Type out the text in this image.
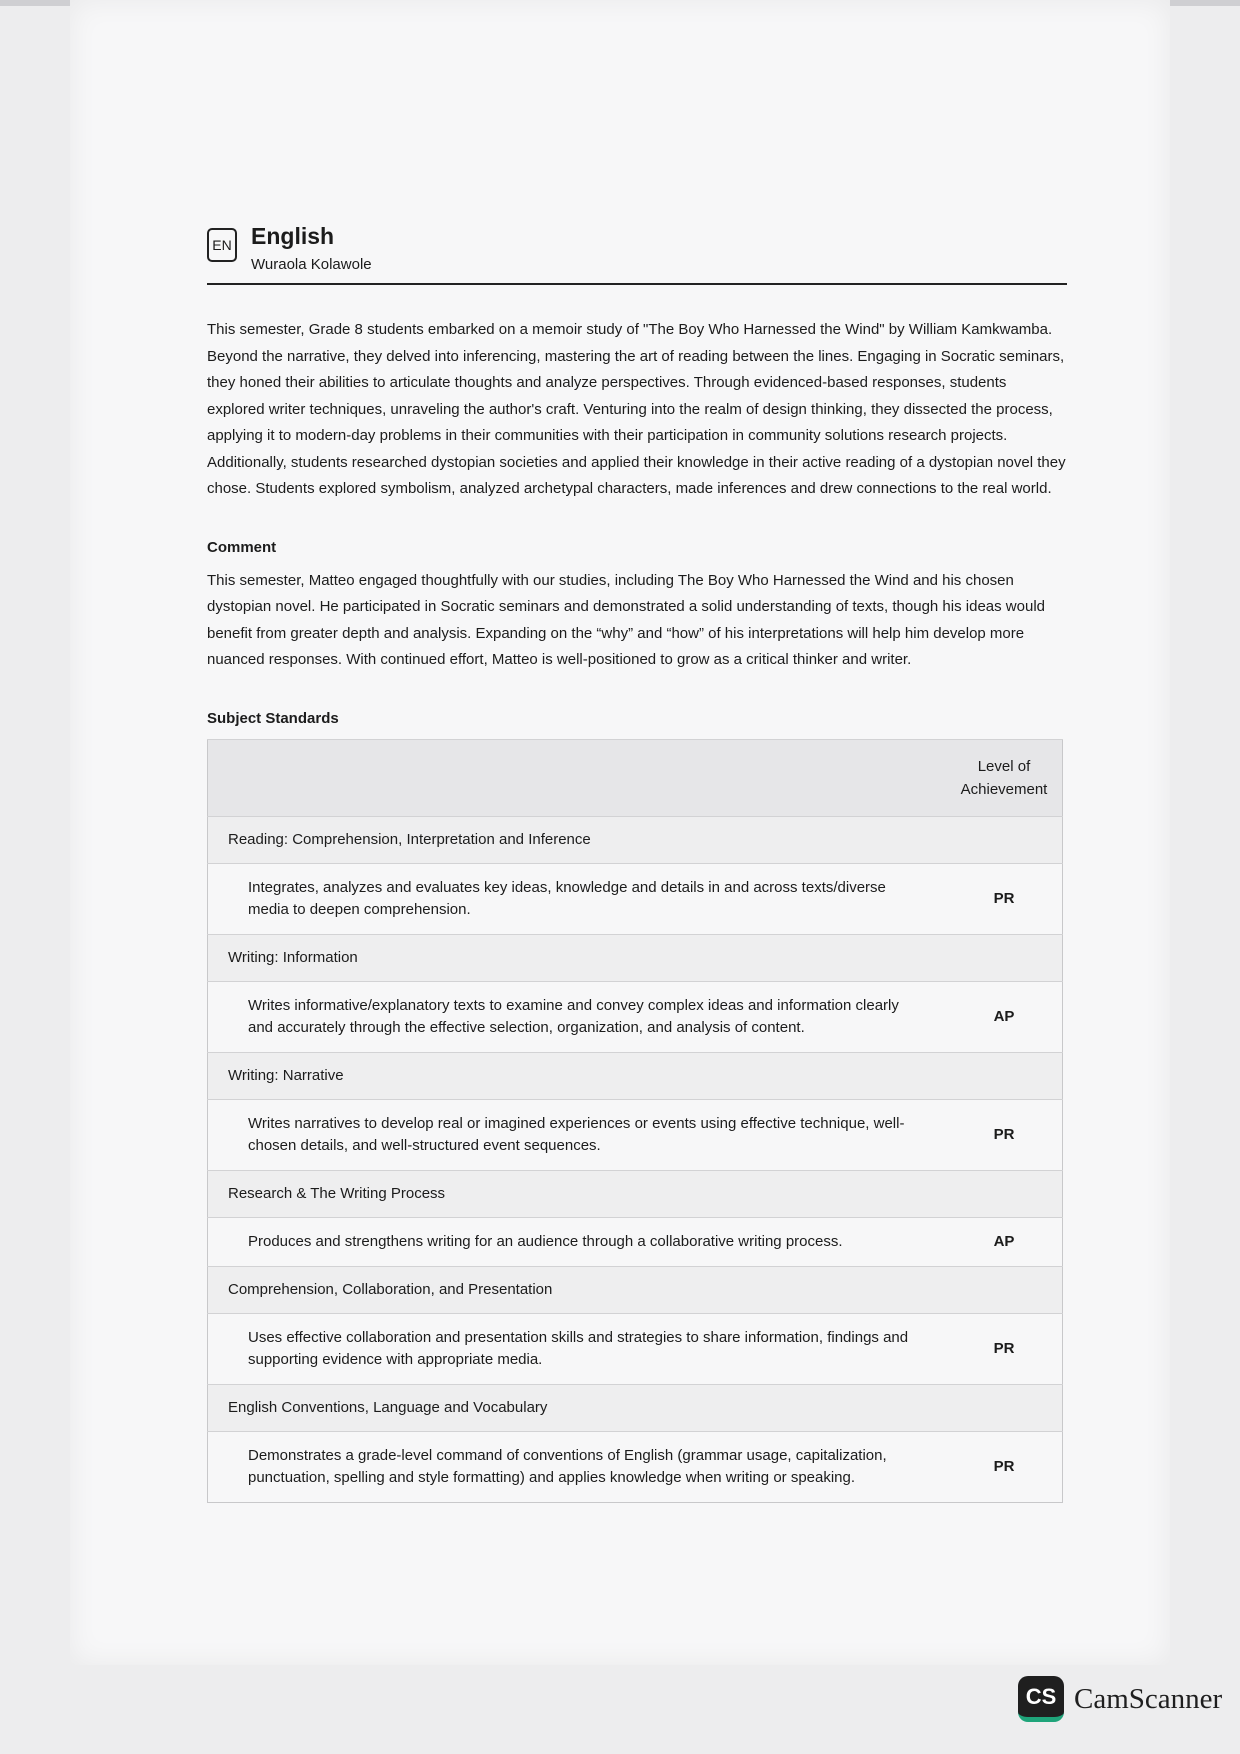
EN English
Wuraola Kolawole
This semester, Grade 8 students embarked on a memoir study of "The Boy Who Harnessed the Wind" by William Kamkwamba. Beyond the narrative, they delved into inferencing, mastering the art of reading between the lines. Engaging in Socratic seminars, they honed their abilities to articulate thoughts and analyze perspectives. Through evidenced-based responses, students explored writer techniques, unraveling the author's craft. Venturing into the realm of design thinking, they dissected the process, applying it to modern-day problems in their communities with their participation in community solutions research projects. Additionally, students researched dystopian societies and applied their knowledge in their active reading of a dystopian novel they chose. Students explored symbolism, analyzed archetypal characters, made inferences and drew connections to the real world.
Comment
This semester, Matteo engaged thoughtfully with our studies, including The Boy Who Harnessed the Wind and his chosen dystopian novel. He participated in Socratic seminars and demonstrated a solid understanding of texts, though his ideas would benefit from greater depth and analysis. Expanding on the “why” and “how” of his interpretations will help him develop more nuanced responses. With continued effort, Matteo is well-positioned to grow as a critical thinker and writer.
Subject Standards
	Level of
Achievement
Reading: Comprehension, Interpretation and Inference	
Integrates, analyzes and evaluates key ideas, knowledge and details in and across texts/diverse media to deepen comprehension.	PR
Writing: Information	
Writes informative/explanatory texts to examine and convey complex ideas and information clearly and accurately through the effective selection, organization, and analysis of content.	AP
Writing: Narrative	
Writes narratives to develop real or imagined experiences or events using effective technique, well-chosen details, and well-structured event sequences.	PR
Research & The Writing Process	
Produces and strengthens writing for an audience through a collaborative writing process.	AP
Comprehension, Collaboration, and Presentation	
Uses effective collaboration and presentation skills and strategies to share information, findings and supporting evidence with appropriate media.	PR
English Conventions, Language and Vocabulary	
Demonstrates a grade-level command of conventions of English (grammar usage, capitalization, punctuation, spelling and style formatting) and applies knowledge when writing or speaking.	PR
CS CamScanner
